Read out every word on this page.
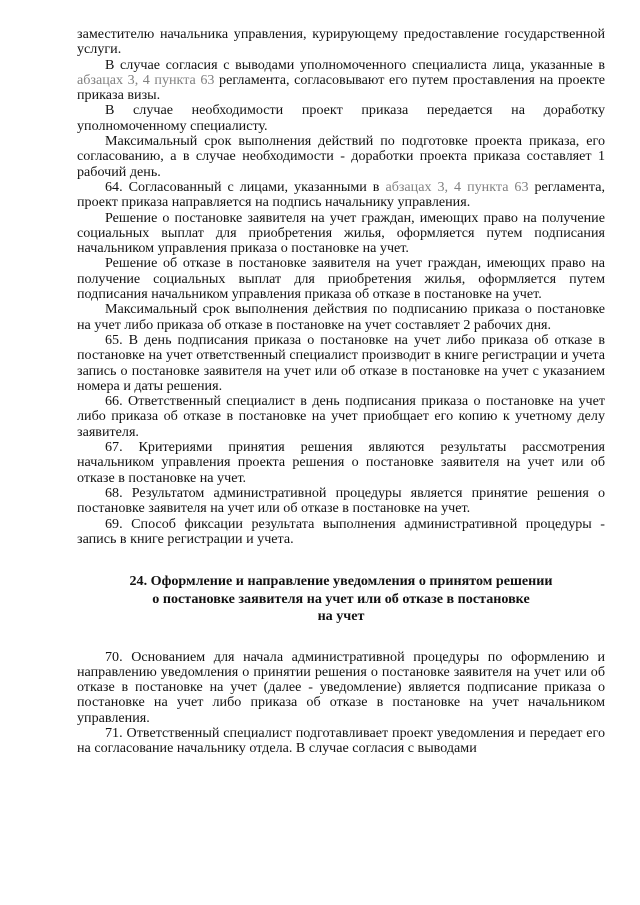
заместителю начальника управления, курирующему предоставление государственной услуги.

В случае согласия с выводами уполномоченного специалиста лица, указанные в абзацах 3, 4 пункта 63 регламента, согласовывают его путем проставления на проекте приказа визы.

В случае необходимости проект приказа передается на доработку уполномоченному специалисту.

Максимальный срок выполнения действий по подготовке проекта приказа, его согласованию, а в случае необходимости - доработки проекта приказа составляет 1 рабочий день.

64. Согласованный с лицами, указанными в абзацах 3, 4 пункта 63 регламента, проект приказа направляется на подпись начальнику управления.

Решение о постановке заявителя на учет граждан, имеющих право на получение социальных выплат для приобретения жилья, оформляется путем подписания начальником управления приказа о постановке на учет.

Решение об отказе в постановке заявителя на учет граждан, имеющих право на получение социальных выплат для приобретения жилья, оформляется путем подписания начальником управления приказа об отказе в постановке на учет.

Максимальный срок выполнения действия по подписанию приказа о постановке на учет либо приказа об отказе в постановке на учет составляет 2 рабочих дня.

65. В день подписания приказа о постановке на учет либо приказа об отказе в постановке на учет ответственный специалист производит в книге регистрации и учета запись о постановке заявителя на учет или об отказе в постановке на учет с указанием номера и даты решения.

66. Ответственный специалист в день подписания приказа о постановке на учет либо приказа об отказе в постановке на учет приобщает его копию к учетному делу заявителя.

67. Критериями принятия решения являются результаты рассмотрения начальником управления проекта решения о постановке заявителя на учет или об отказе в постановке на учет.

68. Результатом административной процедуры является принятие решения о постановке заявителя на учет или об отказе в постановке на учет.

69. Способ фиксации результата выполнения административной процедуры - запись в книге регистрации и учета.

24. Оформление и направление уведомления о принятом решении
о постановке заявителя на учет или об отказе в постановке
на учет

70. Основанием для начала административной процедуры по оформлению и направлению уведомления о принятии решения о постановке заявителя на учет или об отказе в постановке на учет (далее - уведомление) является подписание приказа о постановке на учет либо приказа об отказе в постановке на учет начальником управления.

71. Ответственный специалист подготавливает проект уведомления и передает его на согласование начальнику отдела. В случае согласия с выводами
